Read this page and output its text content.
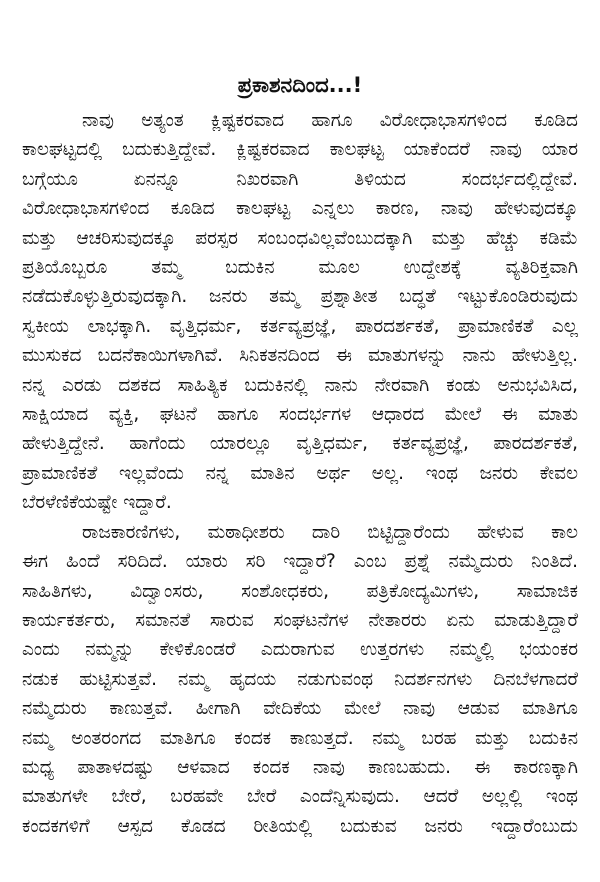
ಪ್ರಕಾಶನದಿಂದ...!
ನಾವು ಅತ್ಯಂತ ಕ್ಲಿಷ್ಟಕರವಾದ ಹಾಗೂ ವಿರೋಧಾಭಾಸಗಳಿಂದ ಕೂಡಿದ
ಕಾಲಘಟ್ಟದಲ್ಲಿ ಬದುಕುತ್ತಿದ್ದೇವೆ. ಕ್ಲಿಷ್ಟಕರವಾದ ಕಾಲಘಟ್ಟ ಯಾಕೆಂದರೆ ನಾವು ಯಾರ
ಬಗ್ಗೆಯೂ ಏನನ್ನೂ ನಿಖರವಾಗಿ ತಿಳಿಯದ ಸಂದರ್ಭದಲ್ಲಿದ್ದೇವೆ.
ವಿರೋಧಾಭಾಸಗಳಿಂದ ಕೂಡಿದ ಕಾಲಘಟ್ಟ ಎನ್ನಲು ಕಾರಣ, ನಾವು ಹೇಳುವುದಕ್ಕೂ
ಮತ್ತು ಆಚರಿಸುವುದಕ್ಕೂ ಪರಸ್ಪರ ಸಂಬಂಧವಿಲ್ಲವೆಂಬುದಕ್ಕಾಗಿ ಮತ್ತು ಹೆಚ್ಚು ಕಡಿಮೆ
ಪ್ರತಿಯೊಬ್ಬರೂ ತಮ್ಮ ಬದುಕಿನ ಮೂಲ ಉದ್ದೇಶಕ್ಕೆ ವ್ಯತಿರಿಕ್ತವಾಗಿ
ನಡೆದುಕೊಳ್ಳುತ್ತಿರುವುದಕ್ಕಾಗಿ. ಜನರು ತಮ್ಮ ಪ್ರಶ್ನಾತೀತ ಬದ್ಧತೆ ಇಟ್ಟುಕೊಂಡಿರುವುದು
ಸ್ವಕೀಯ ಲಾಭಕ್ಕಾಗಿ. ವೃತ್ತಿಧರ್ಮ, ಕರ್ತವ್ಯಪ್ರಜ್ಞೆ, ಪಾರದರ್ಶಕತೆ, ಪ್ರಾಮಾಣಿಕತೆ ಎಲ್ಲ
ಮುಸುಕದ ಬದನೆಕಾಯಿಗಳಾಗಿವೆ. ಸಿನಿಕತನದಿಂದ ಈ ಮಾತುಗಳನ್ನು ನಾನು ಹೇಳುತ್ತಿಲ್ಲ.
ನನ್ನ ಎರಡು ದಶಕದ ಸಾಹಿತ್ಯಿಕ ಬದುಕಿನಲ್ಲಿ ನಾನು ನೇರವಾಗಿ ಕಂಡು ಅನುಭವಿಸಿದ,
ಸಾಕ್ಷಿಯಾದ ವ್ಯಕ್ತಿ, ಘಟನೆ ಹಾಗೂ ಸಂದರ್ಭಗಳ ಆಧಾರದ ಮೇಲೆ ಈ ಮಾತು
ಹೇಳುತ್ತಿದ್ದೇನೆ. ಹಾಗೆಂದು ಯಾರಲ್ಲೂ ವೃತ್ತಿಧರ್ಮ, ಕರ್ತವ್ಯಪ್ರಜ್ಞೆ, ಪಾರದರ್ಶಕತೆ,
ಪ್ರಾಮಾಣಿಕತೆ ಇಲ್ಲವೆಂದು ನನ್ನ ಮಾತಿನ ಅರ್ಥ ಅಲ್ಲ. ಇಂಥ ಜನರು ಕೇವಲ
ಬೆರಳೆಣಿಕೆಯಷ್ಟೇ ಇದ್ದಾರೆ.
ರಾಜಕಾರಣಿಗಳು, ಮಠಾಧೀಶರು ದಾರಿ ಬಿಟ್ಟಿದ್ದಾರೆಂದು ಹೇಳುವ ಕಾಲ
ಈಗ ಹಿಂದೆ ಸರಿದಿದೆ. ಯಾರು ಸರಿ ಇದ್ದಾರೆ? ಎಂಬ ಪ್ರಶ್ನೆ ನಮ್ಮೆದುರು ನಿಂತಿದೆ.
ಸಾಹಿತಿಗಳು, ವಿದ್ವಾಂಸರು, ಸಂಶೋಧಕರು, ಪತ್ರಿಕೋದ್ಯಮಿಗಳು, ಸಾಮಾಜಿಕ
ಕಾರ್ಯಕರ್ತರು, ಸಮಾನತೆ ಸಾರುವ ಸಂಘಟನೆಗಳ ನೇತಾರರು ಏನು ಮಾಡುತ್ತಿದ್ದಾರೆ
ಎಂದು ನಮ್ಮನ್ನು ಕೇಳಿಕೊಂಡರೆ ಎದುರಾಗುವ ಉತ್ತರಗಳು ನಮ್ಮಲ್ಲಿ ಭಯಂಕರ
ನಡುಕ ಹುಟ್ಟಿಸುತ್ತವೆ. ನಮ್ಮ ಹೃದಯ ನಡುಗುವಂಥ ನಿದರ್ಶನಗಳು ದಿನಬೆಳಗಾದರೆ
ನಮ್ಮೆದುರು ಕಾಣುತ್ತವೆ. ಹೀಗಾಗಿ ವೇದಿಕೆಯ ಮೇಲೆ ನಾವು ಆಡುವ ಮಾತಿಗೂ
ನಮ್ಮ ಅಂತರಂಗದ ಮಾತಿಗೂ ಕಂದಕ ಕಾಣುತ್ತದೆ. ನಮ್ಮ ಬರಹ ಮತ್ತು ಬದುಕಿನ
ಮಧ್ಯ ಪಾತಾಳದಷ್ಟು ಆಳವಾದ ಕಂದಕ ನಾವು ಕಾಣಬಹುದು. ಈ ಕಾರಣಕ್ಕಾಗಿ
ಮಾತುಗಳೇ ಬೇರೆ, ಬರಹವೇ ಬೇರೆ ಎಂದೆನ್ನಿಸುವುದು. ಆದರೆ ಅಲ್ಲಲ್ಲಿ ಇಂಥ
ಕಂದಕಗಳಿಗೆ ಆಸ್ಪದ ಕೊಡದ ರೀತಿಯಲ್ಲಿ ಬದುಕುವ ಜನರು ಇದ್ದಾರೆಂಬುದು
